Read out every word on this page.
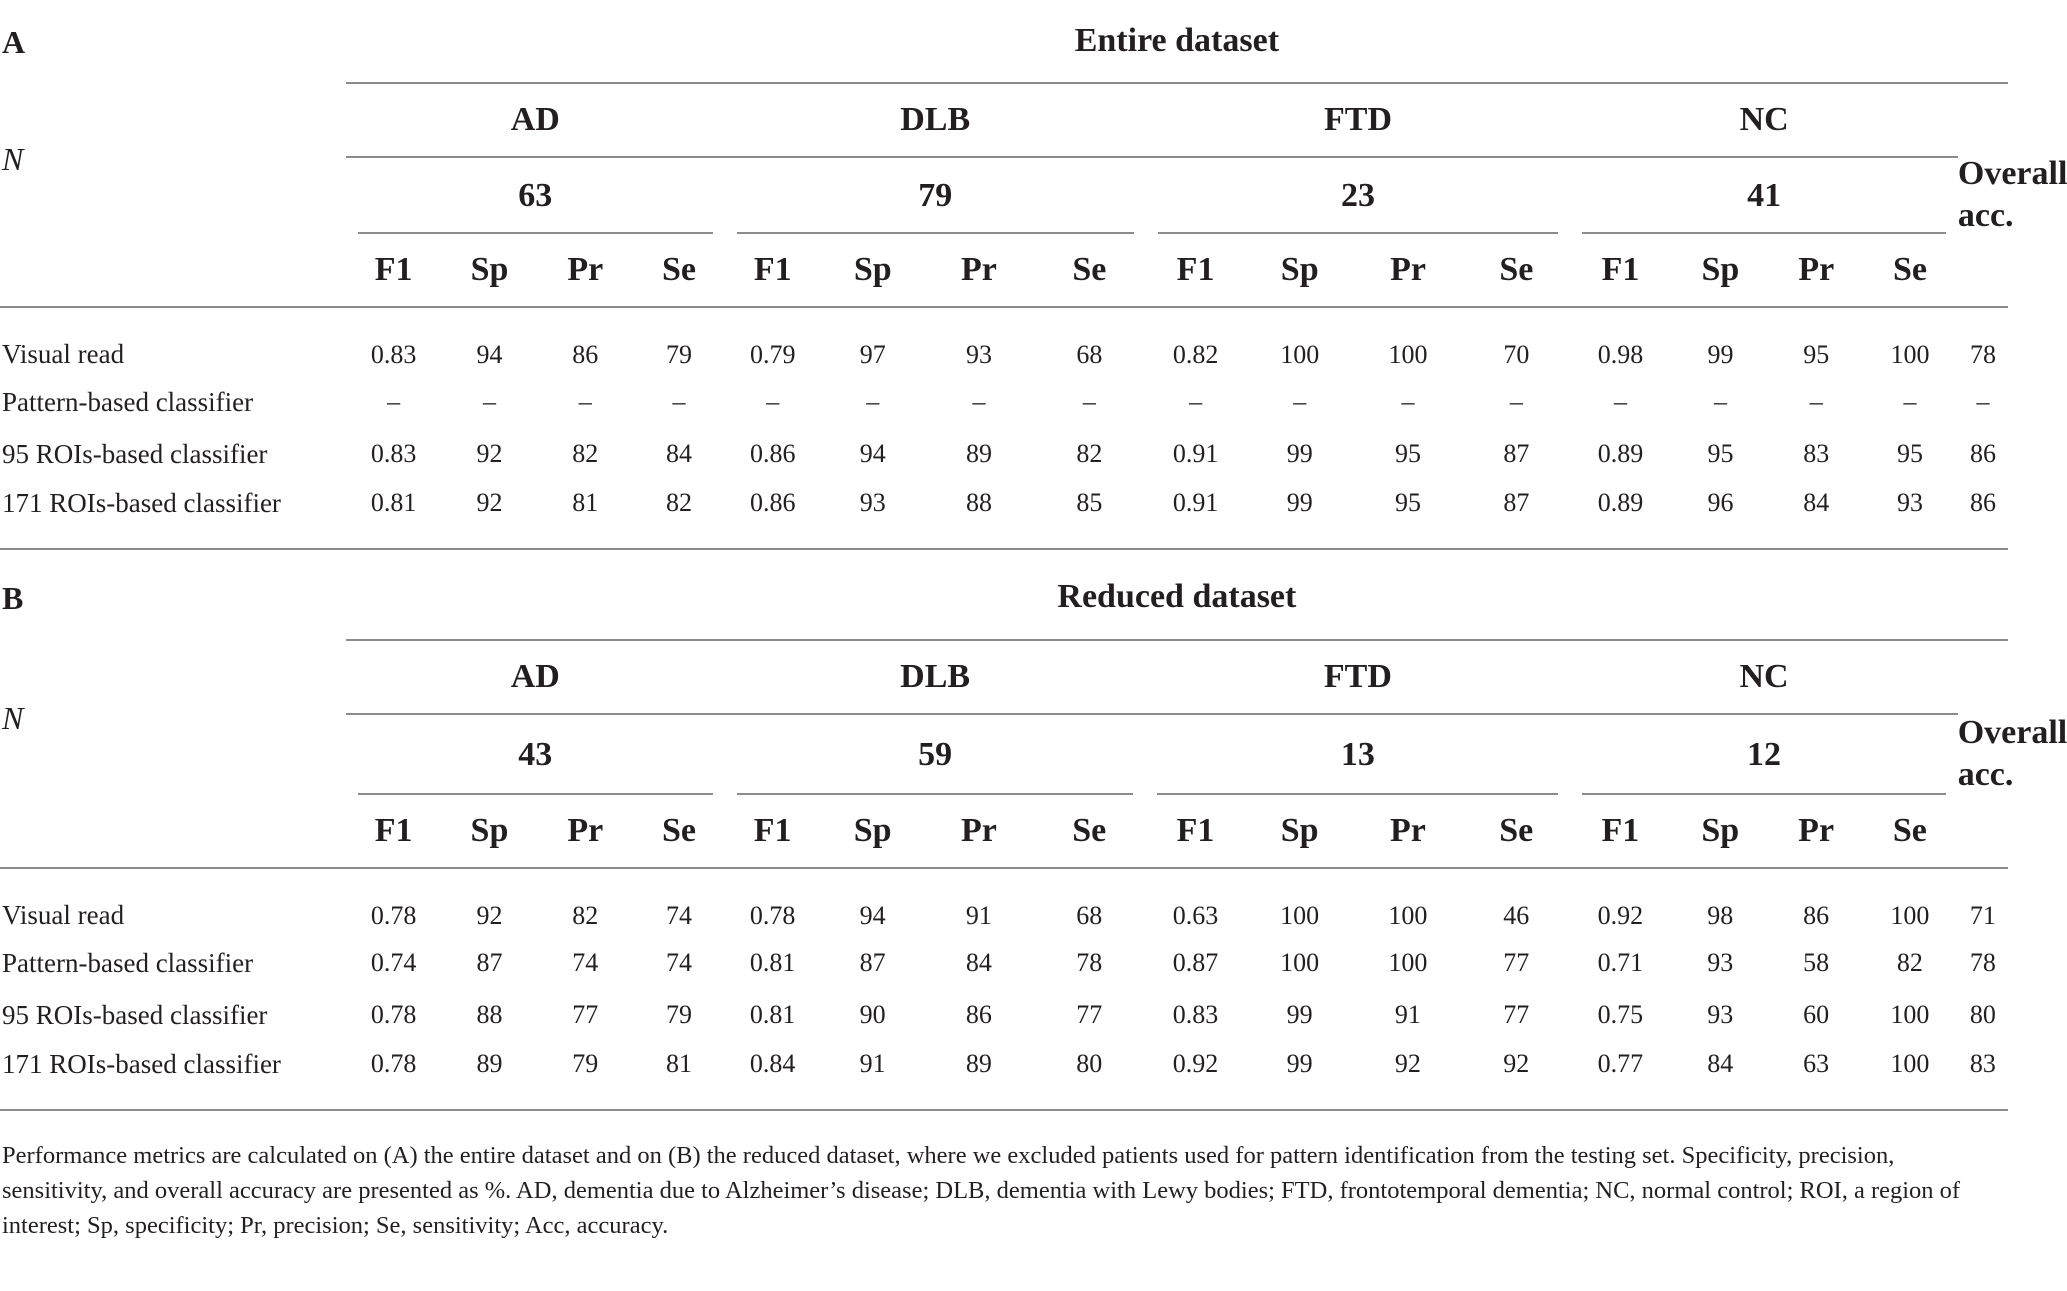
A	Entire dataset																
N	AD				DLB				FTD				NC				Overall
acc.

	63				79				23				41				
	F1	Sp	Pr	Se	F1	Sp	Pr	Se	F1	Sp	Pr	Se	F1	Sp	Pr	Se	
Visual read	0.83	94	86	79	0.79	97	93	68	0.82	100	100	70	0.98	99	95	100	78
Pattern-based classifier	–	–	–	–	–	–	–	–	–	–	–	–	–	–	–	–	–
95 ROIs-based classifier	0.83	92	82	84	0.86	94	89	82	0.91	99	95	87	0.89	95	83	95	86
171 ROIs-based classifier	0.81	92	81	82	0.86	93	88	85	0.91	99	95	87	0.89	96	84	93	86
B	Reduced dataset																
N	AD				DLB				FTD				NC				Overall
acc.

	43				59				13				12				
	F1	Sp	Pr	Se	F1	Sp	Pr	Se	F1	Sp	Pr	Se	F1	Sp	Pr	Se	
Visual read	0.78	92	82	74	0.78	94	91	68	0.63	100	100	46	0.92	98	86	100	71
Pattern-based classifier	0.74	87	74	74	0.81	87	84	78	0.87	100	100	77	0.71	93	58	82	78
95 ROIs-based classifier	0.78	88	77	79	0.81	90	86	77	0.83	99	91	77	0.75	93	60	100	80
171 ROIs-based classifier	0.78	89	79	81	0.84	91	89	80	0.92	99	92	92	0.77	84	63	100	83
Performance metrics are calculated on (A) the entire dataset and on (B) the reduced dataset, where we excluded patients used for pattern identification from the testing set. Specificity, precision, sensitivity, and overall accuracy are presented as %. AD, dementia due to Alzheimer’s disease; DLB, dementia with Lewy bodies; FTD, frontotemporal dementia; NC, normal control; ROI, a region of interest; Sp, specificity; Pr, precision; Se, sensitivity; Acc, accuracy.
